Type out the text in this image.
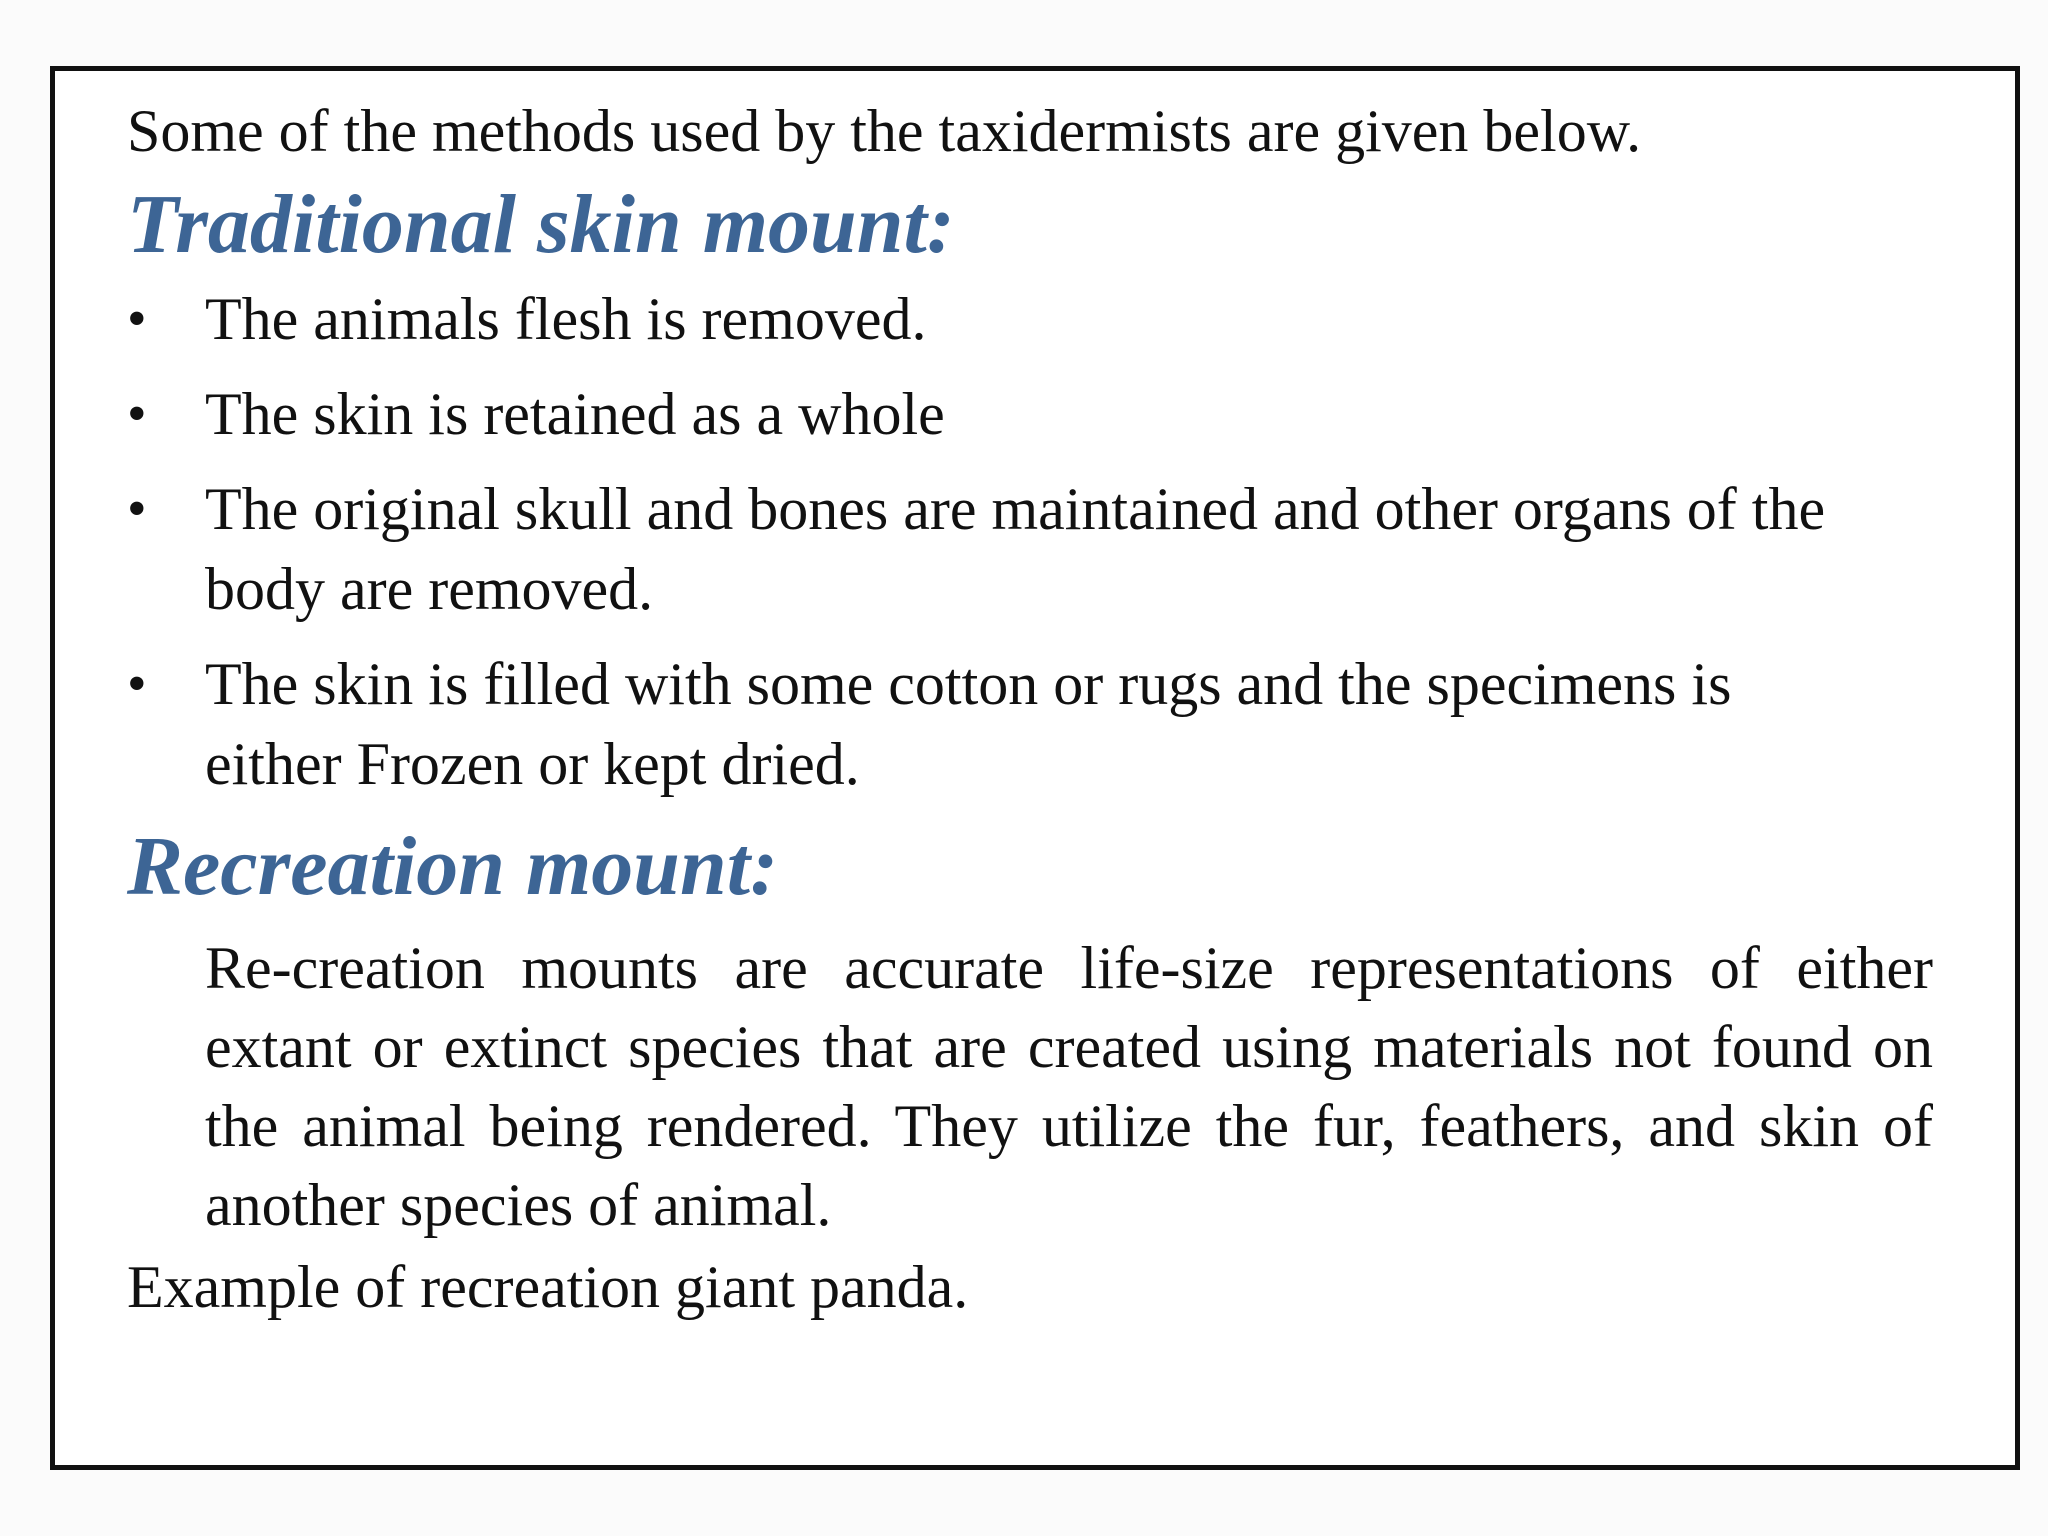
Some of the methods used by the taxidermists are given below.

Traditional skin mount:
• The animals flesh is removed.
• The skin is retained as a whole
• The original skull and bones are maintained and other organs of the body are removed.
• The skin is filled with some cotton or rugs and the specimens is either Frozen or kept dried.
Recreation mount:

Re-creation mounts are accurate life-size representations of either extant or extinct species that are created using materials not found on the animal being rendered. They utilize the fur, feathers, and skin of another species of animal.

Example of recreation giant panda.
